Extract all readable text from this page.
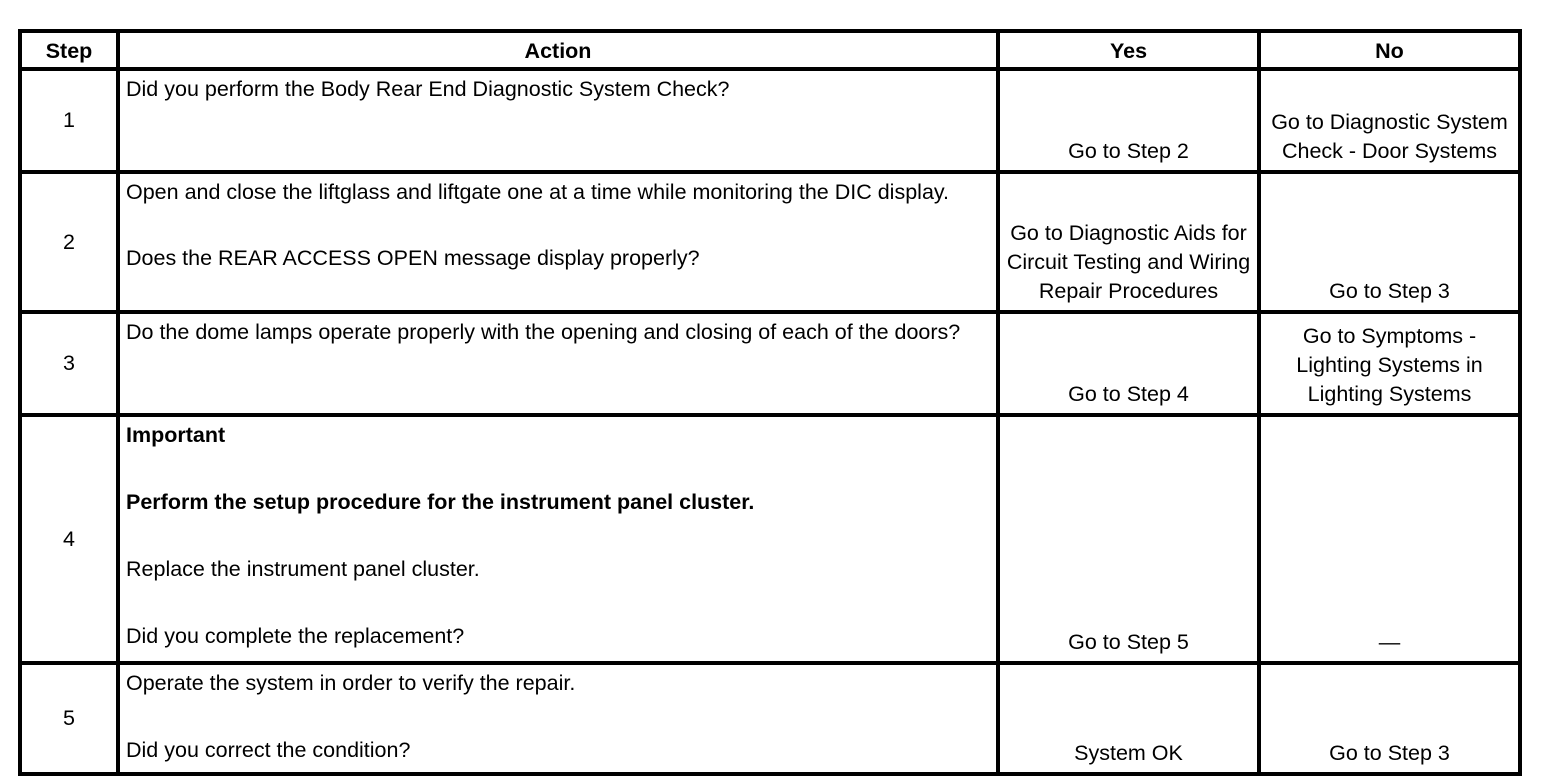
Step	Action	Yes	No
1	Did you perform the Body Rear End Diagnostic System Check?	Go to Step 2	Go to Diagnostic System Check - Door Systems
2	Open and close the liftglass and liftgate one at a time while monitoring the DIC display.
Does the REAR ACCESS OPEN message display properly?	Go to Diagnostic Aids for Circuit Testing and Wiring Repair Procedures	Go to Step 3
3	Do the dome lamps operate properly with the opening and closing of each of the doors?	Go to Step 4	Go to Symptoms - Lighting Systems in Lighting Systems
4	Important
Perform the setup procedure for the instrument panel cluster.
Replace the instrument panel cluster.
Did you complete the replacement?	Go to Step 5	—
5	Operate the system in order to verify the repair.
Did you correct the condition?	System OK	Go to Step 3
